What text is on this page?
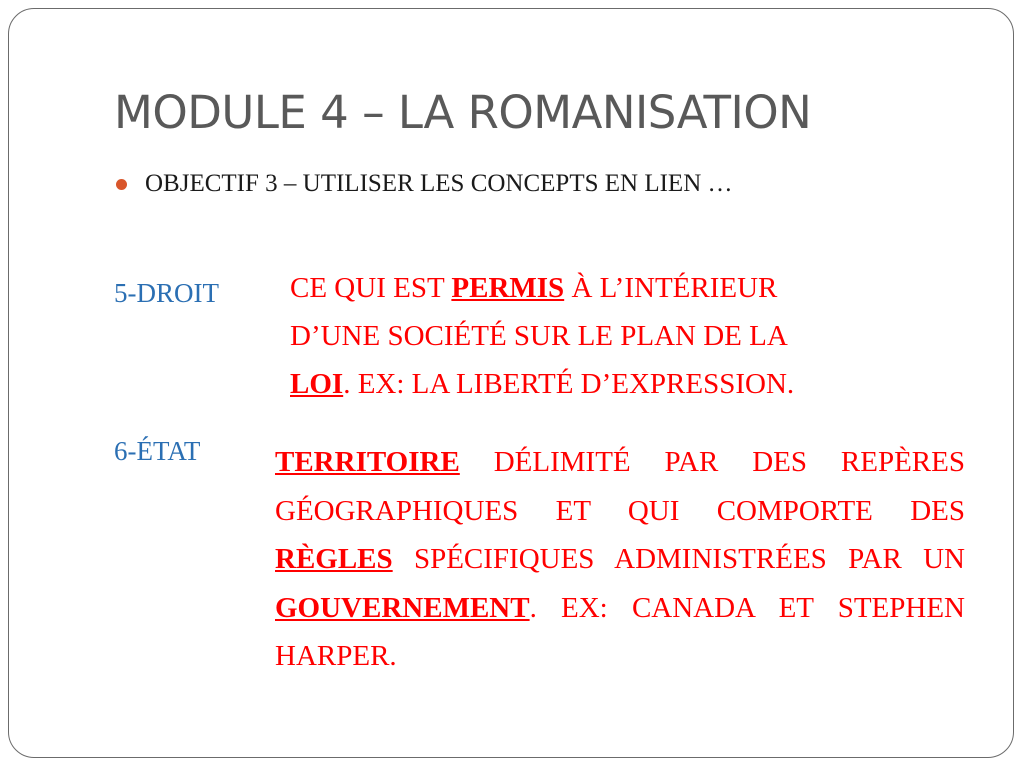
MODULE 4 – LA ROMANISATION
OBJECTIF 3 – UTILISER LES CONCEPTS EN LIEN …
5-DROIT CE QUI EST PERMIS À L’INTÉRIEUR
D’UNE SOCIÉTÉ SUR LE PLAN DE LA
LOI. EX: LA LIBERTÉ D’EXPRESSION.
6-ÉTAT	TERRITOIRE DÉLIMITÉ PAR DES REPÈRES GÉOGRAPHIQUES ET QUI COMPORTE DES RÈGLES SPÉCIFIQUES ADMINISTRÉES PAR UN GOUVERNEMENT. EX: CANADA ET STEPHEN HARPER.
